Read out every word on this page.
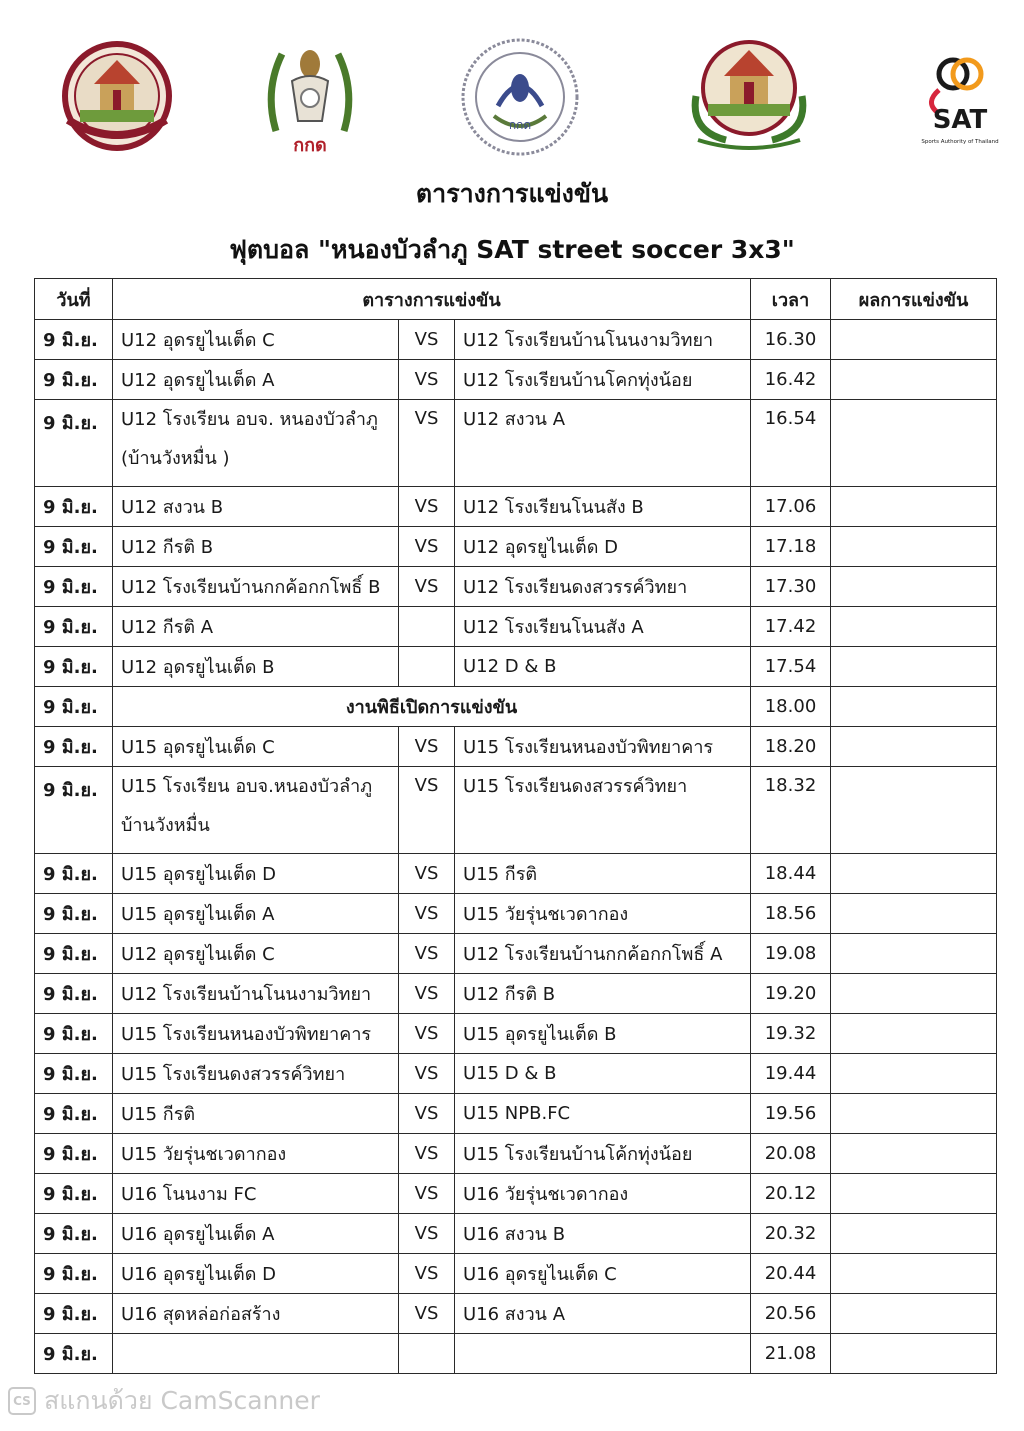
กกด
กกด	SAT
Sports Authority of Thailand
ตารางการแข่งขัน
ฟุตบอล "หนองบัวลำภู SAT street soccer 3x3"
วันที่	ตารางการแข่งขัน			เวลา	ผลการแข่งขัน
9 มิ.ย.	U12 อุดรยูไนเต็ด C	VS	U12 โรงเรียนบ้านโนนงามวิทยา	16.30	
9 มิ.ย.	U12 อุดรยูไนเต็ด A	VS	U12 โรงเรียนบ้านโคกทุ่งน้อย	16.42	
9 มิ.ย.	U12 โรงเรียน อบจ. หนองบัวลำภู (บ้านวังหมื่น )	VS	U12 สงวน A	16.54	
9 มิ.ย.	U12 สงวน B	VS	U12 โรงเรียนโนนสัง B	17.06	
9 มิ.ย.	U12 กีรติ B	VS	U12 อุดรยูไนเต็ด D	17.18	
9 มิ.ย.	U12 โรงเรียนบ้านกกค้อกกโพธิ์ B	VS	U12 โรงเรียนดงสวรรค์วิทยา	17.30	
9 มิ.ย.	U12 กีรติ A		U12 โรงเรียนโนนสัง A	17.42	
9 มิ.ย.	U12 อุดรยูไนเต็ด B		U12 D & B	17.54	
9 มิ.ย.	งานพิธีเปิดการแข่งขัน			18.00	
9 มิ.ย.	U15 อุดรยูไนเต็ด C	VS	U15 โรงเรียนหนองบัวพิทยาคาร	18.20	
9 มิ.ย.	U15 โรงเรียน อบจ.หนองบัวลำภู บ้านวังหมื่น	VS	U15 โรงเรียนดงสวรรค์วิทยา	18.32	
9 มิ.ย.	U15 อุดรยูไนเต็ด D	VS	U15 กีรติ	18.44	
9 มิ.ย.	U15 อุดรยูไนเต็ด A	VS	U15 วัยรุ่นชเวดากอง	18.56	
9 มิ.ย.	U12 อุดรยูไนเต็ด C	VS	U12 โรงเรียนบ้านกกค้อกกโพธิ์ A	19.08	
9 มิ.ย.	U12 โรงเรียนบ้านโนนงามวิทยา	VS	U12 กีรติ B	19.20	
9 มิ.ย.	U15 โรงเรียนหนองบัวพิทยาคาร	VS	U15 อุดรยูไนเต็ด B	19.32	
9 มิ.ย.	U15 โรงเรียนดงสวรรค์วิทยา	VS	U15 D & B	19.44	
9 มิ.ย.	U15 กีรติ	VS	U15 NPB.FC	19.56	
9 มิ.ย.	U15 วัยรุ่นชเวดากอง	VS	U15 โรงเรียนบ้านโค้กทุ่งน้อย	20.08	
9 มิ.ย.	U16 โนนงาม FC	VS	U16 วัยรุ่นชเวดากอง	20.12	
9 มิ.ย.	U16 อุดรยูไนเต็ด A	VS	U16 สงวน B	20.32	
9 มิ.ย.	U16 อุดรยูไนเต็ด D	VS	U16 อุดรยูไนเต็ด C	20.44	
9 มิ.ย.	U16 สุดหล่อก่อสร้าง	VS	U16 สงวน A	20.56	
9 มิ.ย.				21.08	
CS สแกนด้วย CamScanner
